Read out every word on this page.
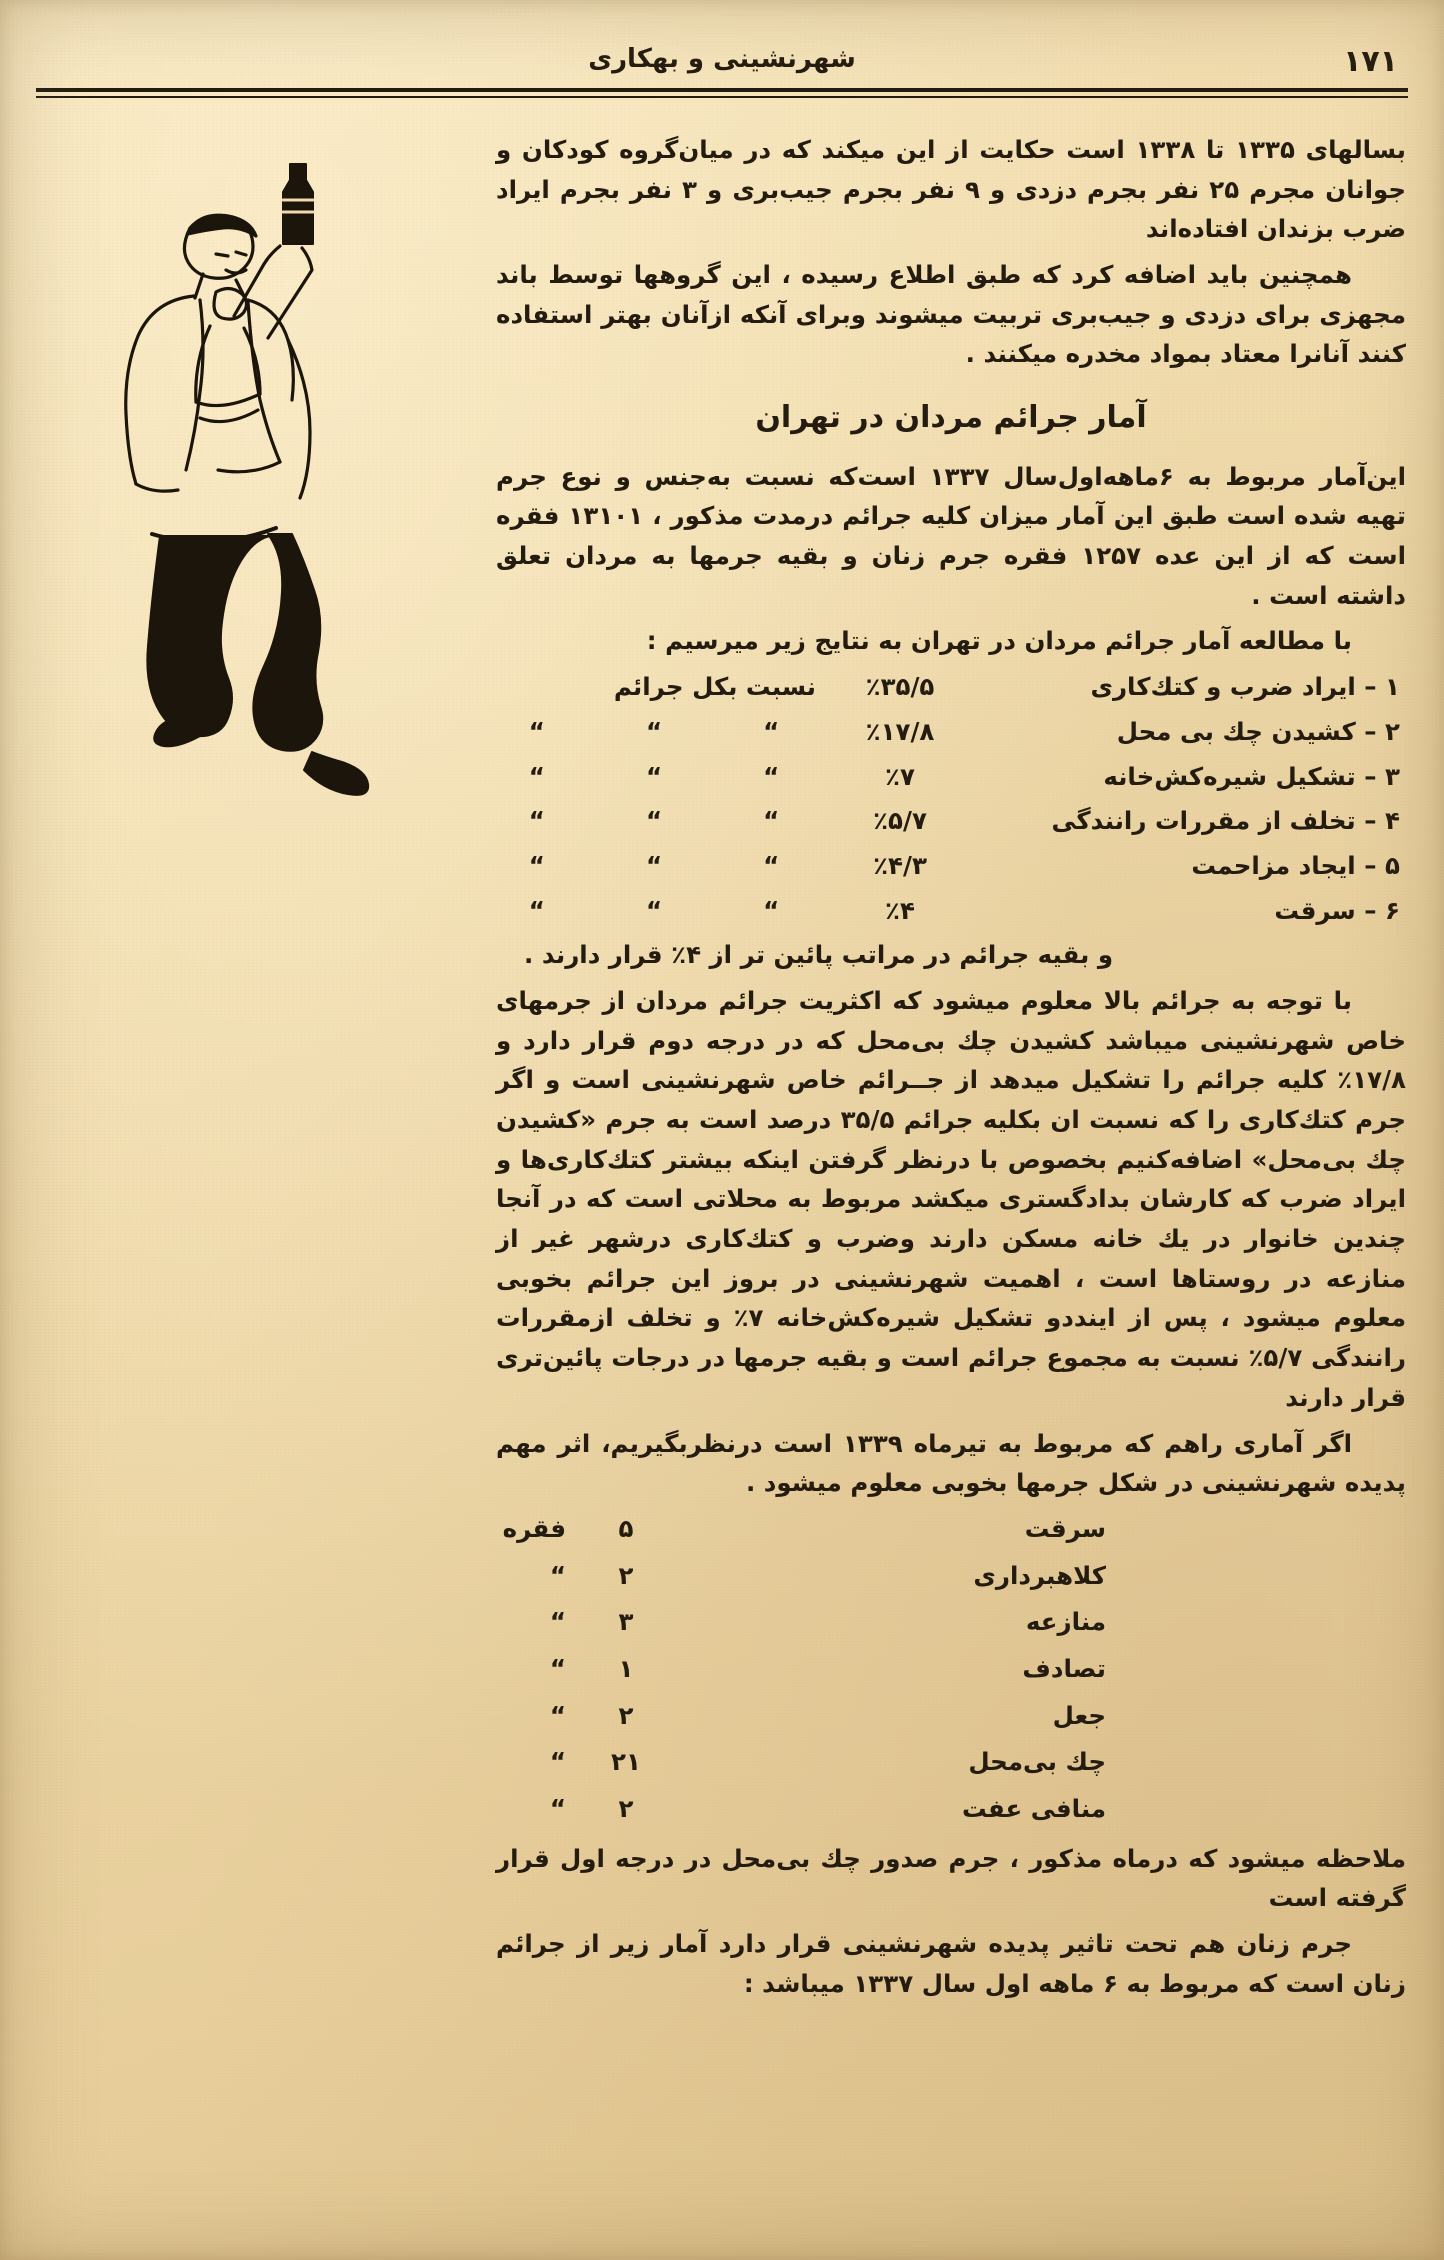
۱۷۱
شهرنشینی و بهکاری

بسالهای ۱۳۳۵ تا ۱۳۳۸ است حکایت از این میکند که در میان‌گروه کودکان و جوانان مجرم ۲۵ نفر بجرم دزدی و ۹ نفر بجرم جیب‌بری و ۳ نفر بجرم ایراد ضرب بزندان افتاده‌اند

همچنین باید اضافه کرد که طبق اطلاع رسیده ، این گروهها توسط باند مجهزی برای دزدی و جیب‌بری تربیت میشوند وبرای آنکه ازآنان بهتر استفاده کنند آنانرا معتاد بمواد مخدره میکنند .

آمار جرائم مردان در تهران

این‌آمار مربوط به ۶ماهه‌اول‌سال ۱۳۳۷ است‌که نسبت به‌جنس و نوع جرم تهیه شده است طبق این آمار میزان کلیه جرائم درمدت مذکور ، ۱۳۱۰۱ فقره است که از این عده ۱۲۵۷ فقره جرم زنان و بقیه جرمها به مردان تعلق داشته است .

با مطالعه آمار جرائم مردان در تهران به نتایج زیر میرسیم :

۱ – ایراد ضرب و کتك‌کاری
٪۳۵/۵
نسبت بکل جرائم
۲ – کشیدن چك بی محل
٪۱۷/۸
“  “  “
۳ – تشکیل شیره‌کش‌خانه
٪۷
“  “  “
۴ – تخلف از مقررات رانندگی
٪۵/۷
“  “  “
۵ – ایجاد مزاحمت
٪۴/۳
“  “  “
۶ – سرقت
٪۴
“  “  “

و بقیه جرائم در مراتب پائین تر از ۴٪ قرار دارند .

با توجه به جرائم بالا معلوم میشود که اکثریت جرائم مردان از جرمهای خاص شهرنشینی میباشد کشیدن چك بی‌محل که در درجه دوم قرار دارد و ۱۷/۸٪ کلیه جرائم را تشکیل میدهد از جــرائم خاص شهرنشینی است و اگر جرم کتك‌کاری را که نسبت ‌ان بکلیه جرائم ۳۵/۵ درصد است به جرم «کشیدن چك بی‌محل» اضافه‌کنیم بخصوص با درنظر گرفتن اینکه بیشتر کتك‌کاری‌ها و ایراد ضرب که کارشان بدادگستری میکشد مربوط به محلاتی است که در آنجا چندین خانوار در یك خانه مسکن دارند وضرب و کتك‌کاری درشهر غیر از منازعه در روستاها است ، اهمیت شهرنشینی در بروز این جرائم بخوبی معلوم میشود ، پس از اینددو تشکیل شیره‌کش‌خانه ۷٪ و تخلف ازمقررات رانندگی ۵/۷٪ نسبت به مجموع جرائم است و بقیه جرمها در درجات پائین‌تری قرار دارند

اگر آماری راهم که مربوط به تیرماه ۱۳۳۹ است درنظربگیریم، اثر مهم پدیده شهرنشینی در شکل جرمها بخوبی معلوم میشود .

سرقت
۵
فقره
کلاهبرداری
۲
“
منازعه
۳
“
تصادف
۱
“
جعل
۲
“
چك بی‌محل
۲۱
“
منافی عفت
۲
“

ملاحظه میشود که درماه مذکور ، جرم صدور چك بی‌محل در درجه اول قرار گرفته است

جرم زنان هم تحت تاثیر پدیده شهرنشینی قرار دارد آمار زیر از جرائم زنان است که مربوط به ۶ ماهه اول سال ۱۳۳۷ میباشد :
